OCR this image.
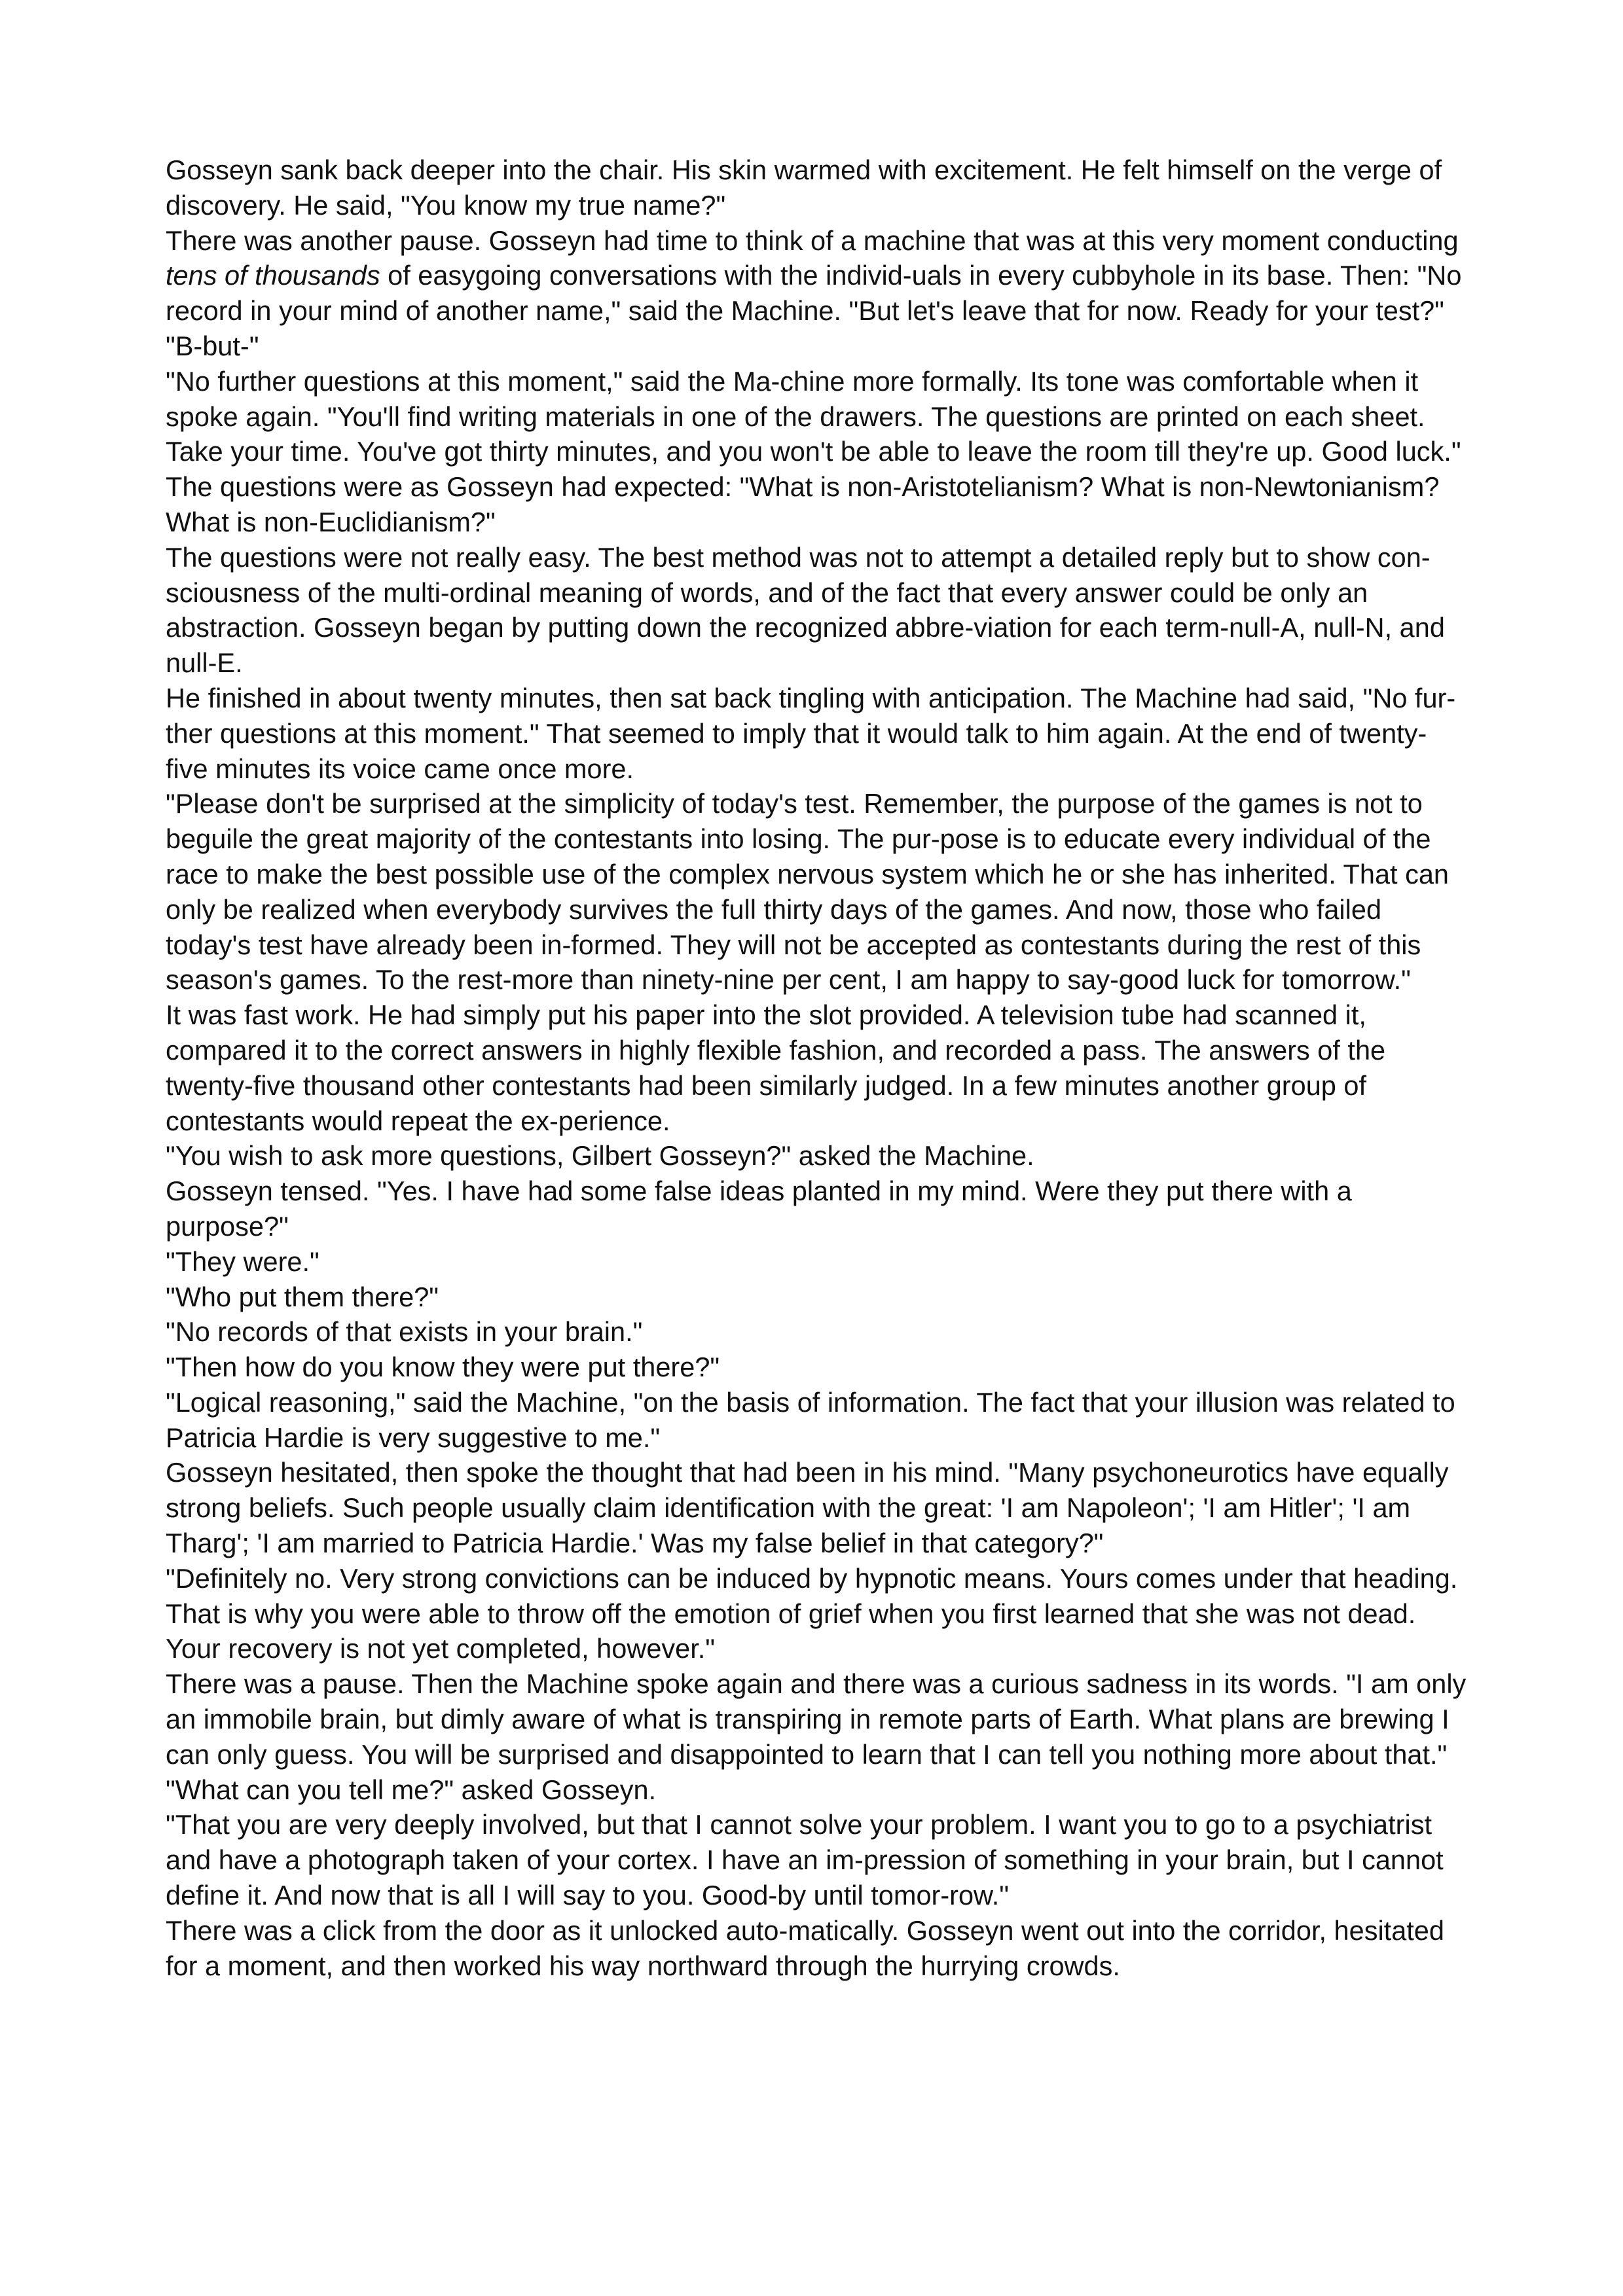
Gosseyn sank back deeper into the chair. His skin warmed with excitement. He felt himself on the verge of discovery. He said, "You know my true name?"

There was another pause. Gosseyn had time to think of a machine that was at this very moment conducting tens of thousands of easygoing conversations with the individ-uals in every cubbyhole in its base. Then: "No record in your mind of another name," said the Machine. "But let's leave that for now. Ready for your test?"

"B-but-"

"No further questions at this moment," said the Ma-chine more formally. Its tone was comfortable when it spoke again. "You'll find writing materials in one of the drawers. The questions are printed on each sheet. Take your time. You've got thirty minutes, and you won't be able to leave the room till they're up. Good luck."

The questions were as Gosseyn had expected: "What is non-Aristotelianism? What is non-Newtonianism? What is non-Euclidianism?"

The questions were not really easy. The best method was not to attempt a detailed reply but to show con-sciousness of the multi-ordinal meaning of words, and of the fact that every answer could be only an abstraction. Gosseyn began by putting down the recognized abbre-viation for each term-null-A, null-N, and null-E.

He finished in about twenty minutes, then sat back tingling with anticipation. The Machine had said, "No fur-ther questions at this moment." That seemed to imply that it would talk to him again. At the end of twenty-five minutes its voice came once more.

"Please don't be surprised at the simplicity of today's test. Remember, the purpose of the games is not to beguile the great majority of the contestants into losing. The pur-pose is to educate every individual of the race to make the best possible use of the complex nervous system which he or she has inherited. That can only be realized when everybody survives the full thirty days of the games. And now, those who failed today's test have already been in-formed. They will not be accepted as contestants during the rest of this season's games. To the rest-more than ninety-nine per cent, I am happy to say-good luck for tomorrow."

It was fast work. He had simply put his paper into the slot provided. A television tube had scanned it, compared it to the correct answers in highly flexible fashion, and recorded a pass. The answers of the twenty-five thousand other contestants had been similarly judged. In a few minutes another group of contestants would repeat the ex-perience.

"You wish to ask more questions, Gilbert Gosseyn?" asked the Machine.

Gosseyn tensed. "Yes. I have had some false ideas planted in my mind. Were they put there with a purpose?"

"They were."

"Who put them there?"

"No records of that exists in your brain."

"Then how do you know they were put there?"

"Logical reasoning," said the Machine, "on the basis of information. The fact that your illusion was related to Patricia Hardie is very suggestive to me."

Gosseyn hesitated, then spoke the thought that had been in his mind. "Many psychoneurotics have equally strong beliefs. Such people usually claim identification with the great: 'I am Napoleon'; 'I am Hitler'; 'I am Tharg'; 'I am married to Patricia Hardie.' Was my false belief in that category?"

"Definitely no. Very strong convictions can be induced by hypnotic means. Yours comes under that heading. That is why you were able to throw off the emotion of grief when you first learned that she was not dead. Your recovery is not yet completed, however."

There was a pause. Then the Machine spoke again and there was a curious sadness in its words. "I am only an immobile brain, but dimly aware of what is transpiring in remote parts of Earth. What plans are brewing I can only guess. You will be surprised and disappointed to learn that I can tell you nothing more about that."

"What can you tell me?" asked Gosseyn.

"That you are very deeply involved, but that I cannot solve your problem. I want you to go to a psychiatrist and have a photograph taken of your cortex. I have an im-pression of something in your brain, but I cannot define it. And now that is all I will say to you. Good-by until tomor-row."

There was a click from the door as it unlocked auto-matically. Gosseyn went out into the corridor, hesitated for a moment, and then worked his way northward through the hurrying crowds.
